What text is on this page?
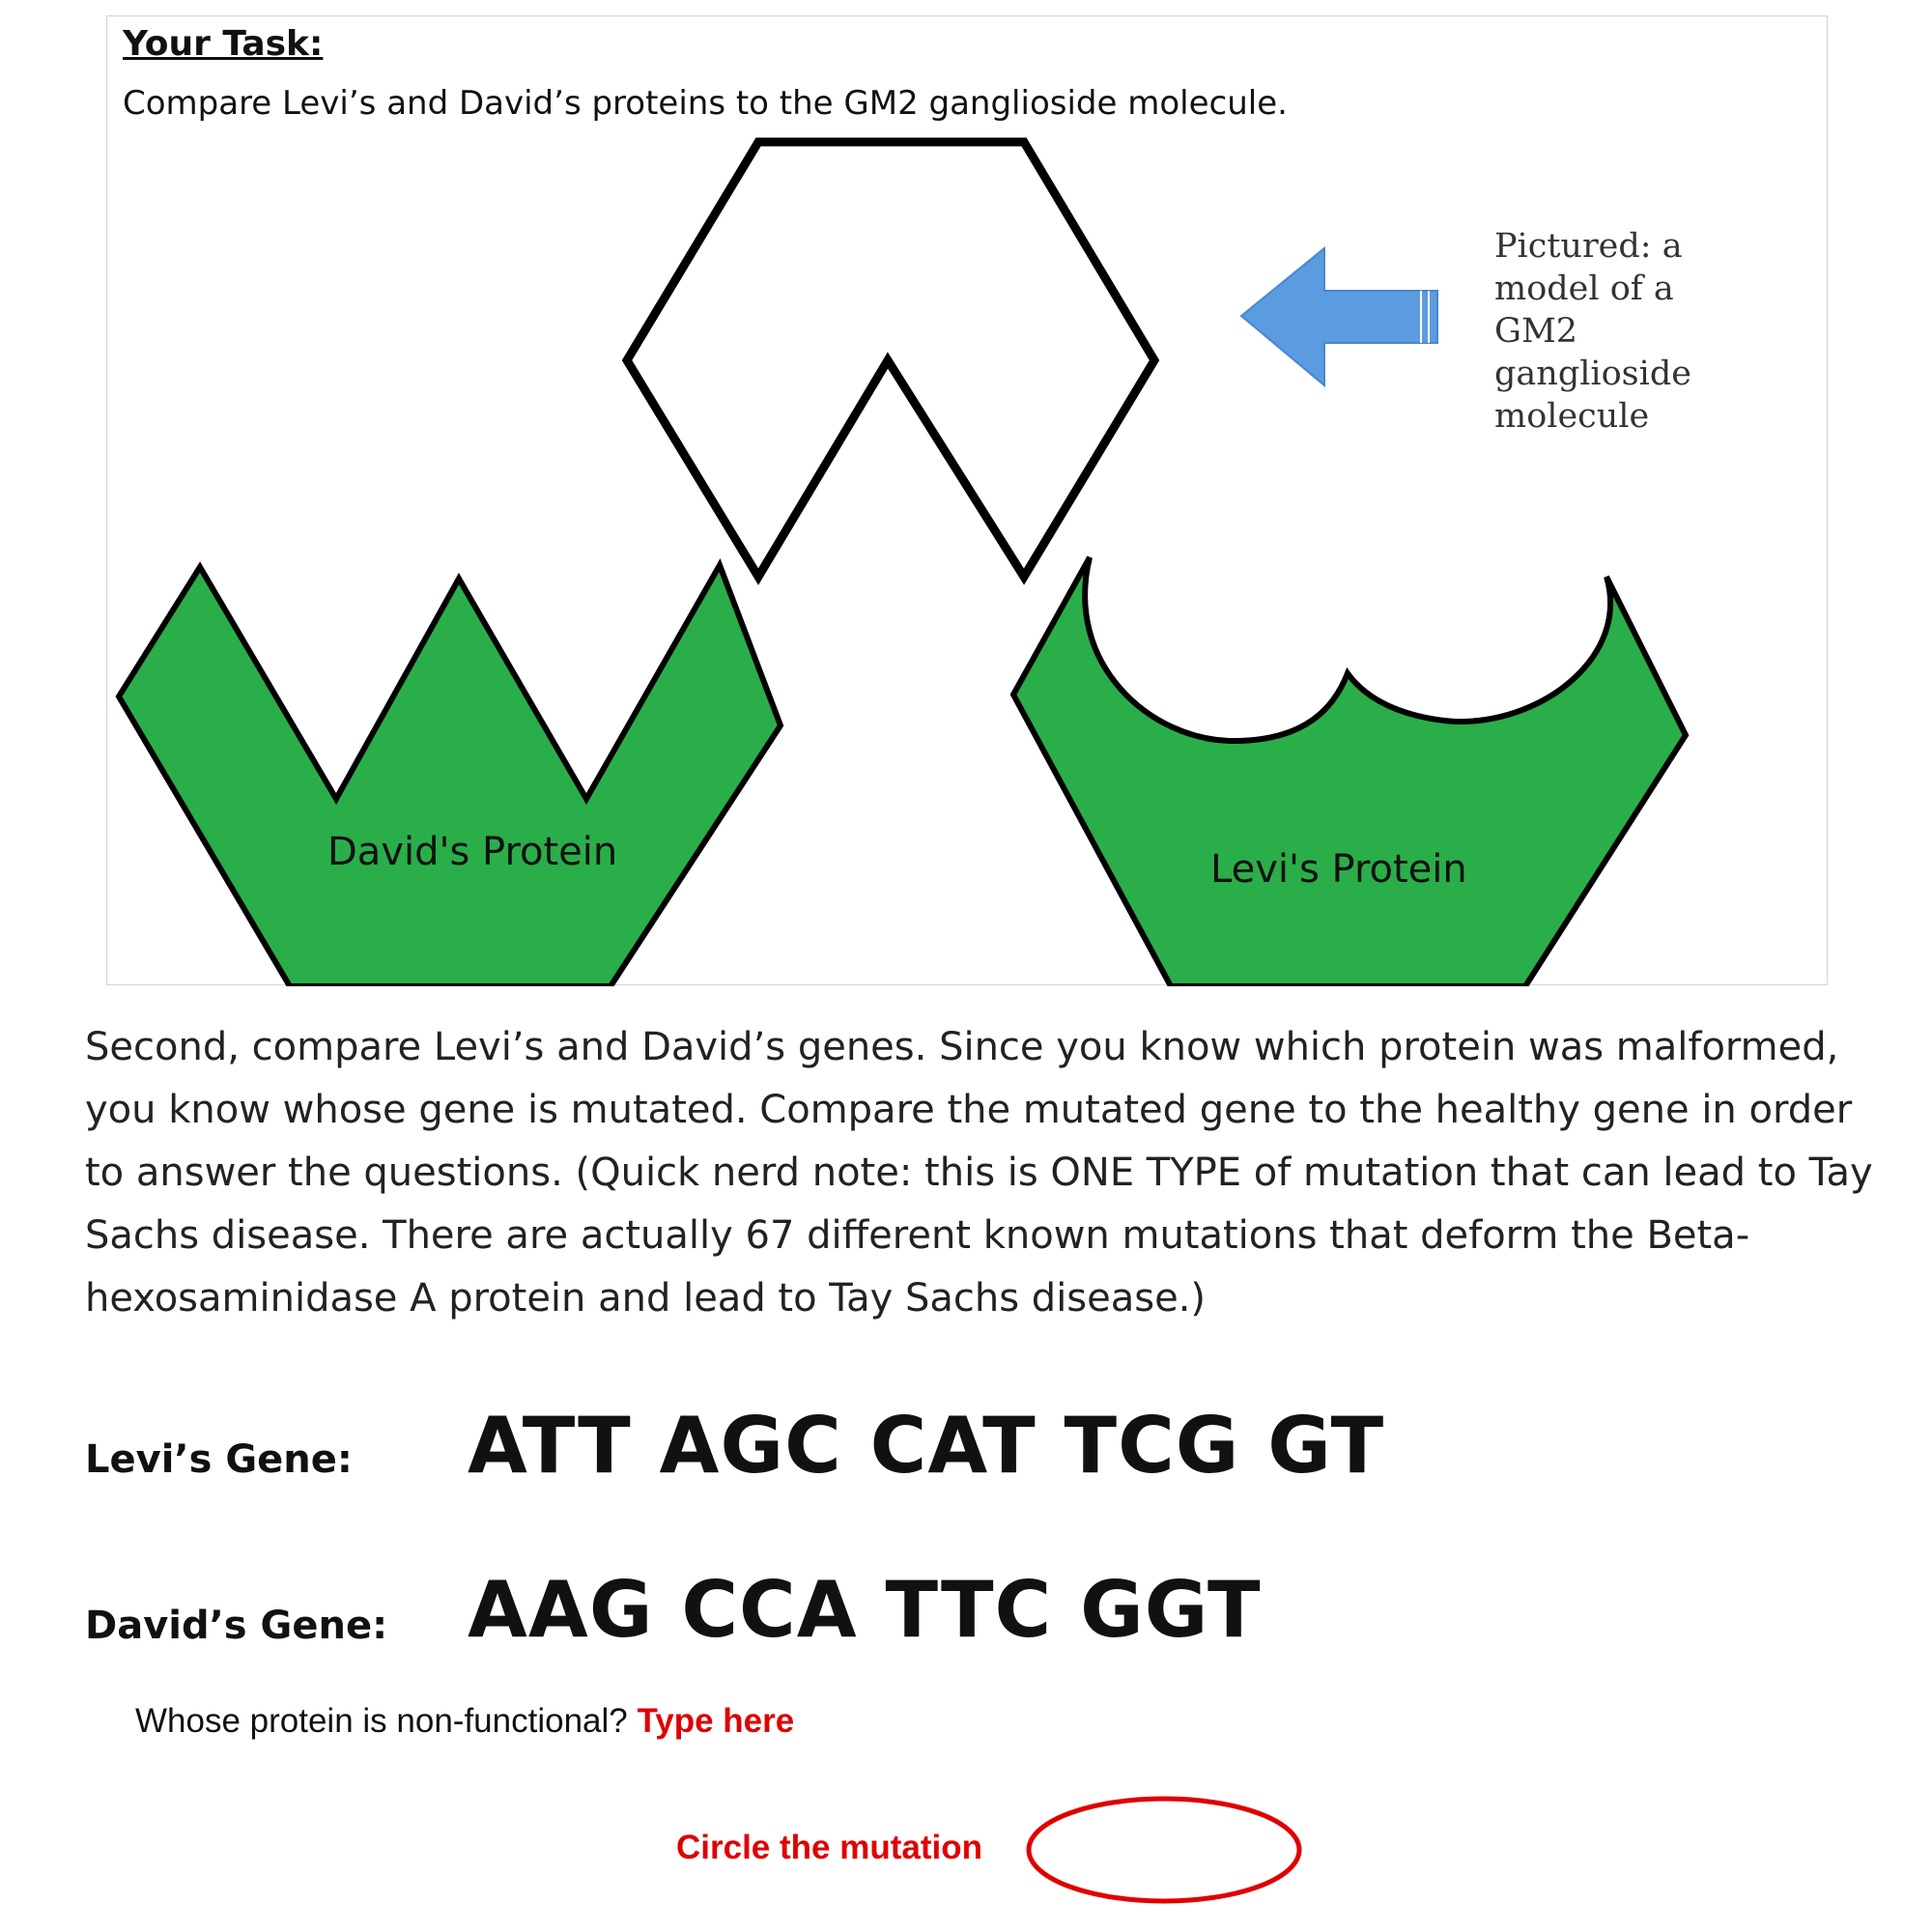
Your Task:
Compare Levi’s and David’s proteins to the GM2 ganglioside molecule.
David's Protein	Levi's Protein
Pictured: a model of a GM2 ganglioside molecule
Second, compare Levi’s and David’s genes. Since you know which protein was malformed, you know whose gene is mutated. Compare the mutated gene to the healthy gene in order to answer the questions. (Quick nerd note: this is ONE TYPE of mutation that can lead to Tay Sachs disease. There are actually 67 different known mutations that deform the Beta-hexosaminidase A protein and lead to Tay Sachs disease.)
Levi’s Gene: ATT AGC CAT TCG GT
David’s Gene: AAG CCA TTC GGT
Whose protein is non-functional? Type here
Circle the mutation
